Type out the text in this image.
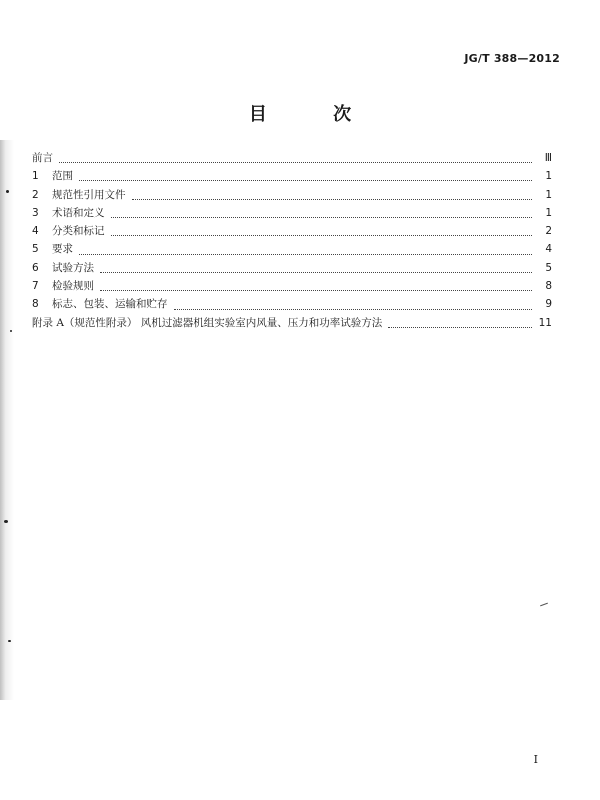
JG/T 388—2012
目 次
前言	Ⅲ
1	范围	1
2	规范性引用文件	1
3	术语和定义	1
4	分类和标记	2
5	要求	4
6	试验方法	5
7	检验规则	8
8	标志、包装、运输和贮存	9
附录 A（规范性附录） 风机过滤器机组实验室内风量、压力和功率试验方法	11
I
